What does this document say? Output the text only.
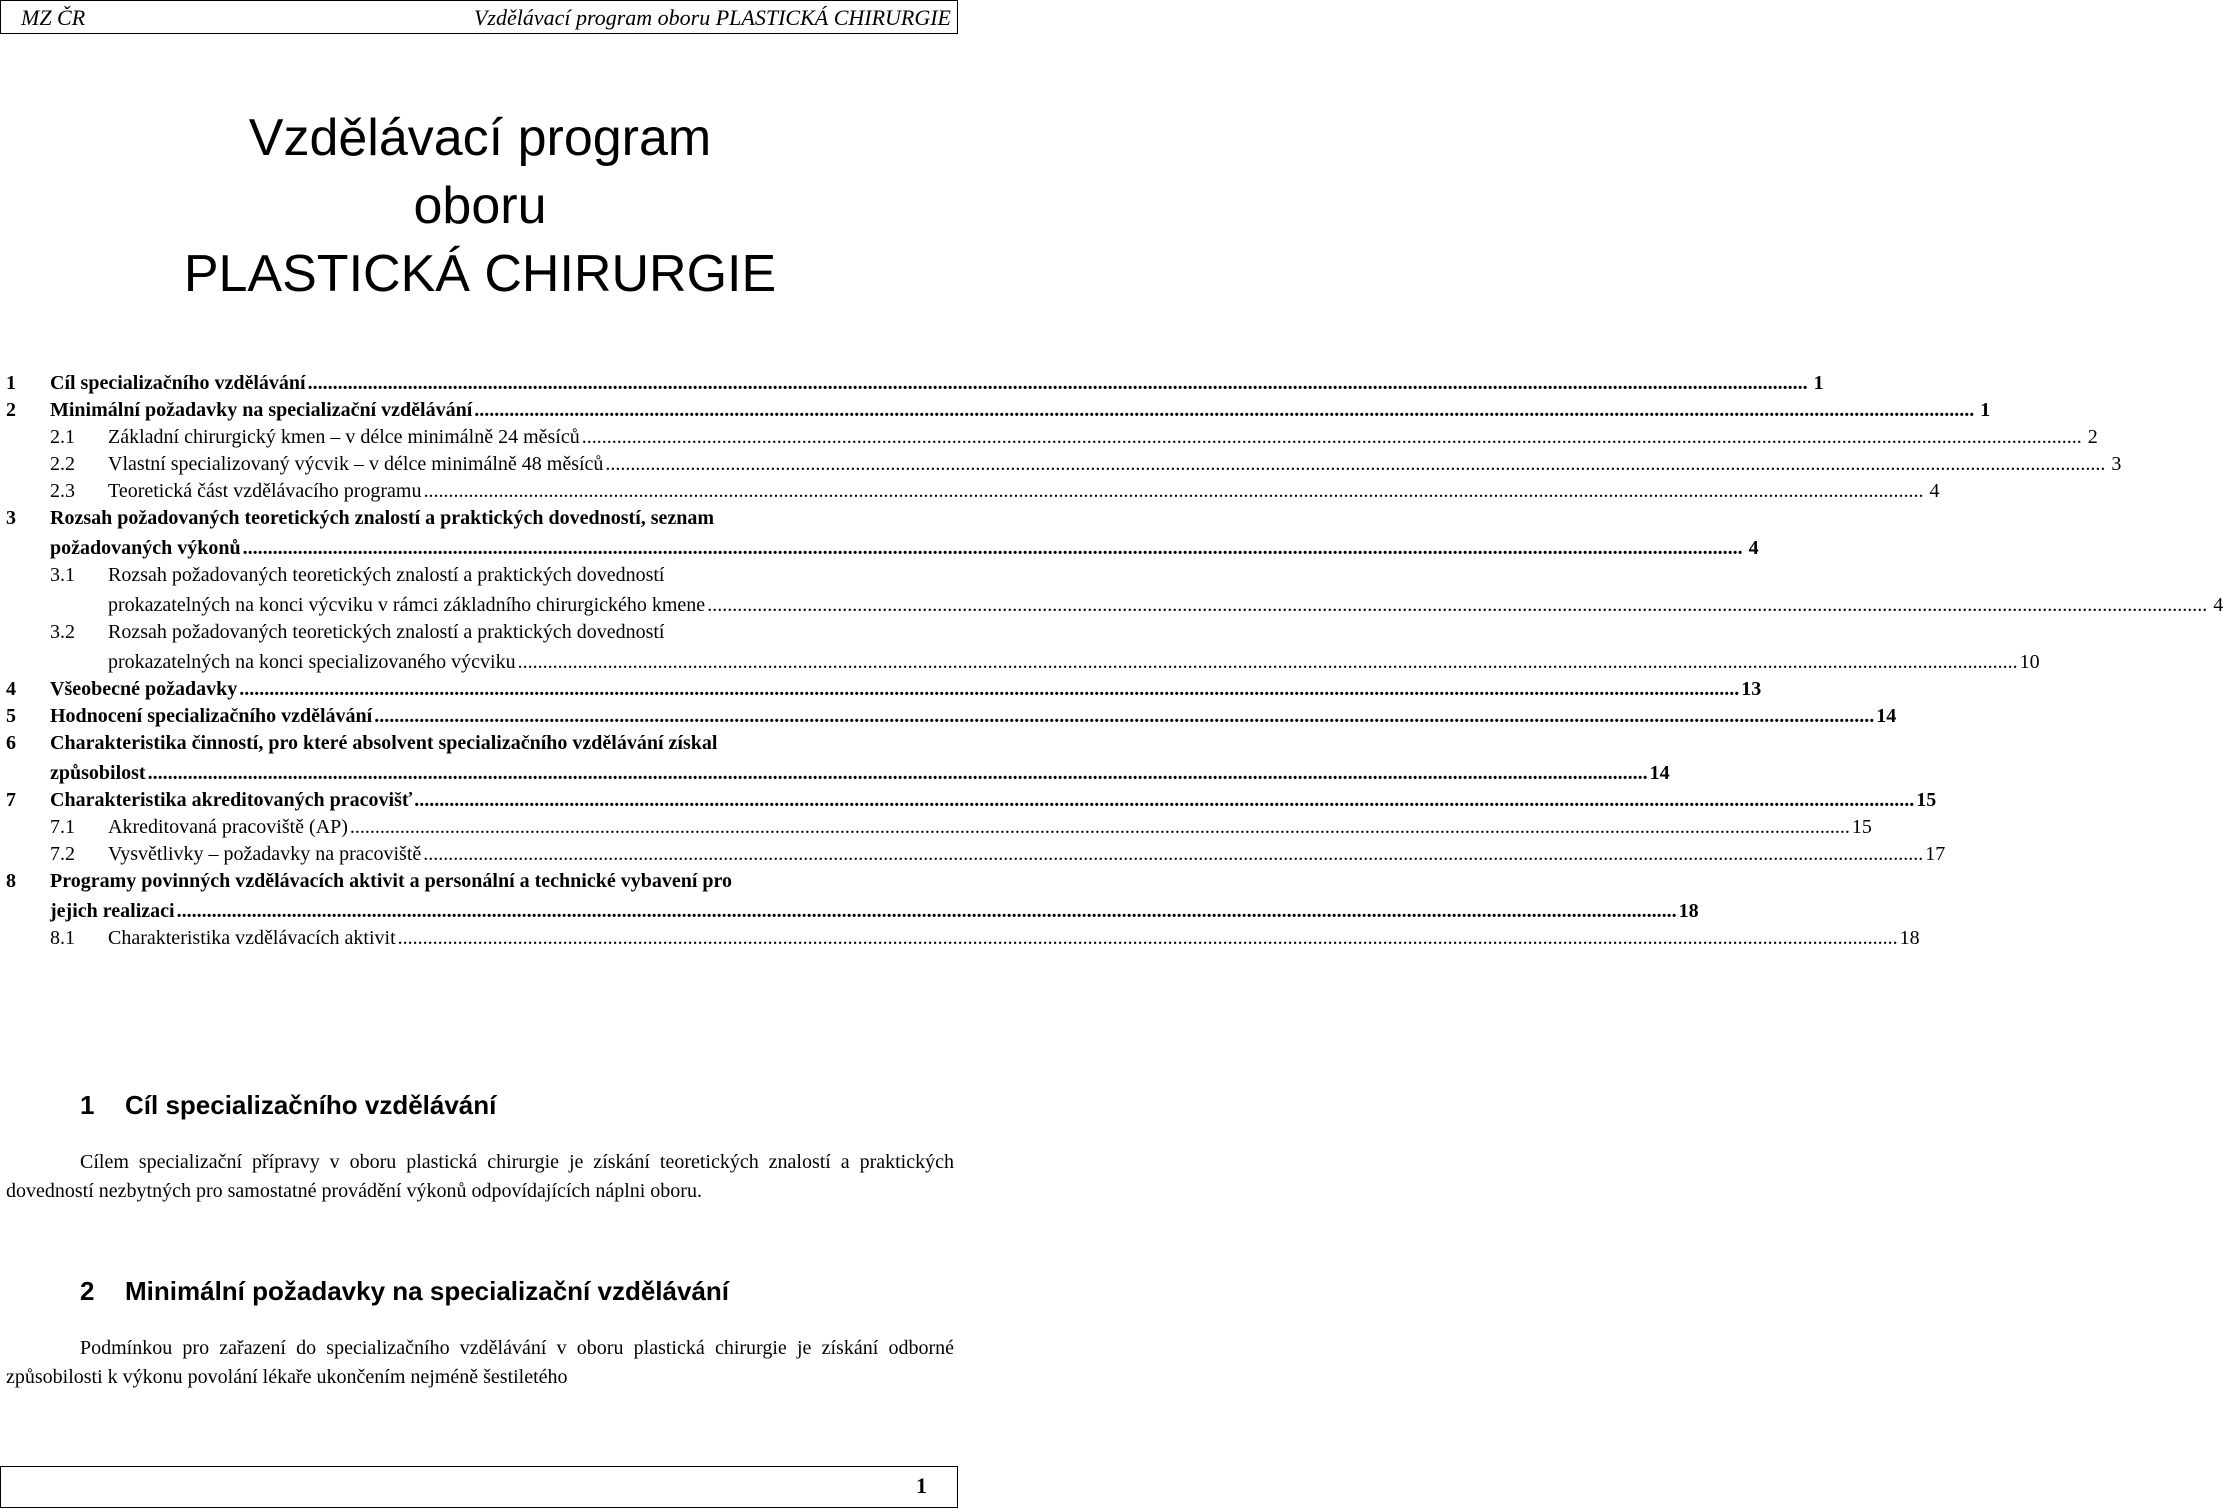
MZ ČR	Vzdělávací program oboru PLASTICKÁ CHIRURGIE
Vzdělávací program
oboru
PLASTICKÁ CHIRURGIE
1	Cíl specializačního vzdělávání ............................................................................................................................................................................................................................................................................................................ 1
2	Minimální požadavky na specializační vzdělávání ............................................................................................................................................................................................................................................................................................................ 1
2.1	Základní chirurgický kmen – v délce minimálně 24 měsíců ............................................................................................................................................................................................................................................................................................................ 2
2.2	Vlastní specializovaný výcvik – v délce minimálně 48 měsíců ............................................................................................................................................................................................................................................................................................................ 3
2.3	Teoretická část vzdělávacího programu ............................................................................................................................................................................................................................................................................................................ 4
3	Rozsah požadovaných teoretických znalostí a praktických dovedností, seznam
požadovaných výkonů ............................................................................................................................................................................................................................................................................................................ 4
3.1	Rozsah požadovaných teoretických znalostí a praktických dovedností
prokazatelných na konci výcviku v rámci základního chirurgického kmene ............................................................................................................................................................................................................................................................................................................ 4
3.2	Rozsah požadovaných teoretických znalostí a praktických dovedností
prokazatelných na konci specializovaného výcviku ............................................................................................................................................................................................................................................................................................................ 10
4	Všeobecné požadavky ............................................................................................................................................................................................................................................................................................................ 13
5	Hodnocení specializačního vzdělávání ............................................................................................................................................................................................................................................................................................................ 14
6	Charakteristika činností, pro které absolvent specializačního vzdělávání získal
způsobilost ............................................................................................................................................................................................................................................................................................................ 14
7	Charakteristika akreditovaných pracovišť ............................................................................................................................................................................................................................................................................................................ 15
7.1	Akreditovaná pracoviště (AP) ............................................................................................................................................................................................................................................................................................................ 15
7.2	Vysvětlivky – požadavky na pracoviště ............................................................................................................................................................................................................................................................................................................ 17
8	Programy povinných vzdělávacích aktivit a personální a technické vybavení pro
jejich realizaci ............................................................................................................................................................................................................................................................................................................ 18
8.1	Charakteristika vzdělávacích aktivit ............................................................................................................................................................................................................................................................................................................ 18
1 Cíl specializačního vzdělávání
Cílem specializační přípravy v oboru plastická chirurgie je získání teoretických znalostí a praktických dovedností nezbytných pro samostatné provádění výkonů odpovídajících náplni oboru.
2 Minimální požadavky na specializační vzdělávání
Podmínkou pro zařazení do specializačního vzdělávání v oboru plastická chirurgie je získání odborné způsobilosti k výkonu povolání lékaře ukončením nejméně šestiletého
1
